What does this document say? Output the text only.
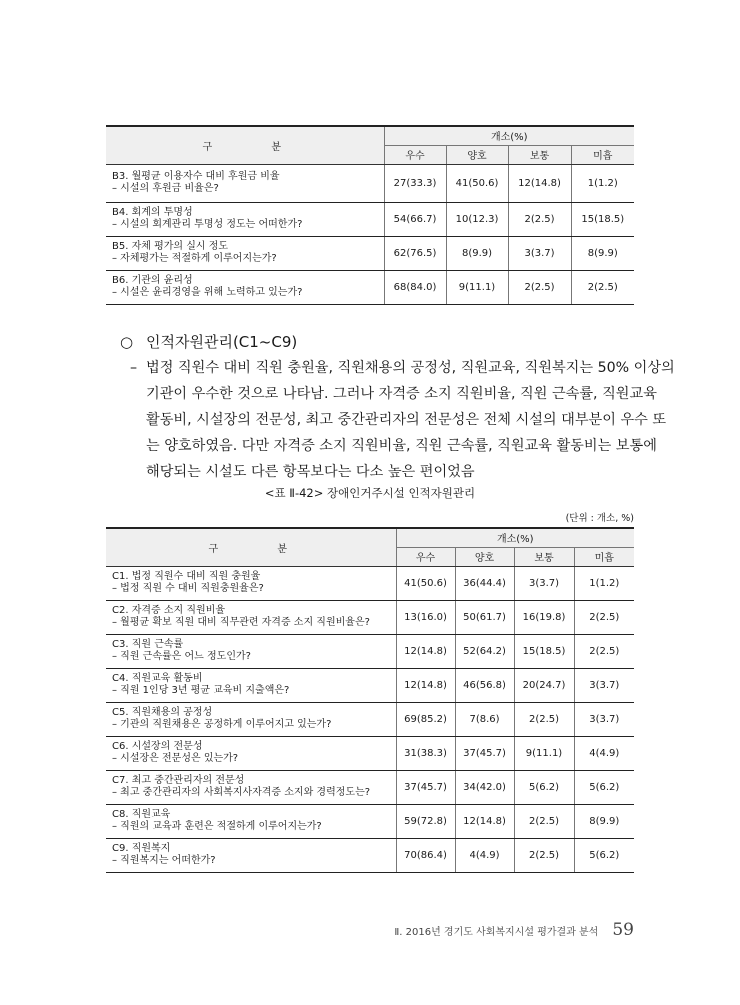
구 분	개소(%)			
	우수	양호	보통	미흡

B3. 월평균 이용자수 대비 후원금 비율
– 시설의 후원금 비율은?	27(33.3)	41(50.6)	12(14.8)	1(1.2)

B4. 회계의 투명성
– 시설의 회계관리 투명성 정도는 어떠한가?	54(66.7)	10(12.3)	2(2.5)	15(18.5)

B5. 자체 평가의 실시 정도
– 자체평가는 적절하게 이루어지는가?	62(76.5)	8(9.9)	3(3.7)	8(9.9)

B6. 기관의 윤리성
– 시설은 윤리경영을 위해 노력하고 있는가?	68(84.0)	9(11.1)	2(2.5)	2(2.5)
○ 인적자원관리(C1~C9)
– 법정 직원수 대비 직원 충원율, 직원채용의 공정성, 직원교육, 직원복지는 50% 이상의
기관이 우수한 것으로 나타남. 그러나 자격증 소지 직원비율, 직원 근속률, 직원교육
활동비, 시설장의 전문성, 최고 중간관리자의 전문성은 전체 시설의 대부분이 우수 또
는 양호하였음. 다만 자격증 소지 직원비율, 직원 근속률, 직원교육 활동비는 보통에
해당되는 시설도 다른 항목보다는 다소 높은 편이었음
<표 Ⅱ-42> 장애인거주시설 인적자원관리
(단위 : 개소, %)
구 분	개소(%)			
	우수	양호	보통	미흡

C1. 법정 직원수 대비 직원 충원율
– 법정 직원 수 대비 직원충원율은?	41(50.6)	36(44.4)	3(3.7)	1(1.2)

C2. 자격증 소지 직원비율
– 월평균 확보 직원 대비 직무관련 자격증 소지 직원비율은?	13(16.0)	50(61.7)	16(19.8)	2(2.5)

C3. 직원 근속률
– 직원 근속률은 어느 정도인가?	12(14.8)	52(64.2)	15(18.5)	2(2.5)

C4. 직원교육 활동비
– 직원 1인당 3년 평균 교육비 지출액은?	12(14.8)	46(56.8)	20(24.7)	3(3.7)

C5. 직원채용의 공정성
– 기관의 직원채용은 공정하게 이루어지고 있는가?	69(85.2)	7(8.6)	2(2.5)	3(3.7)

C6. 시설장의 전문성
– 시설장은 전문성은 있는가?	31(38.3)	37(45.7)	9(11.1)	4(4.9)

C7. 최고 중간관리자의 전문성
– 최고 중간관리자의 사회복지사자격증 소지와 경력정도는?	37(45.7)	34(42.0)	5(6.2)	5(6.2)

C8. 직원교육
– 직원의 교육과 훈련은 적절하게 이루어지는가?	59(72.8)	12(14.8)	2(2.5)	8(9.9)

C9. 직원복지
– 직원복지는 어떠한가?	70(86.4)	4(4.9)	2(2.5)	5(6.2)
Ⅱ. 2016년 경기도 사회복지시설 평가결과 분석 59
